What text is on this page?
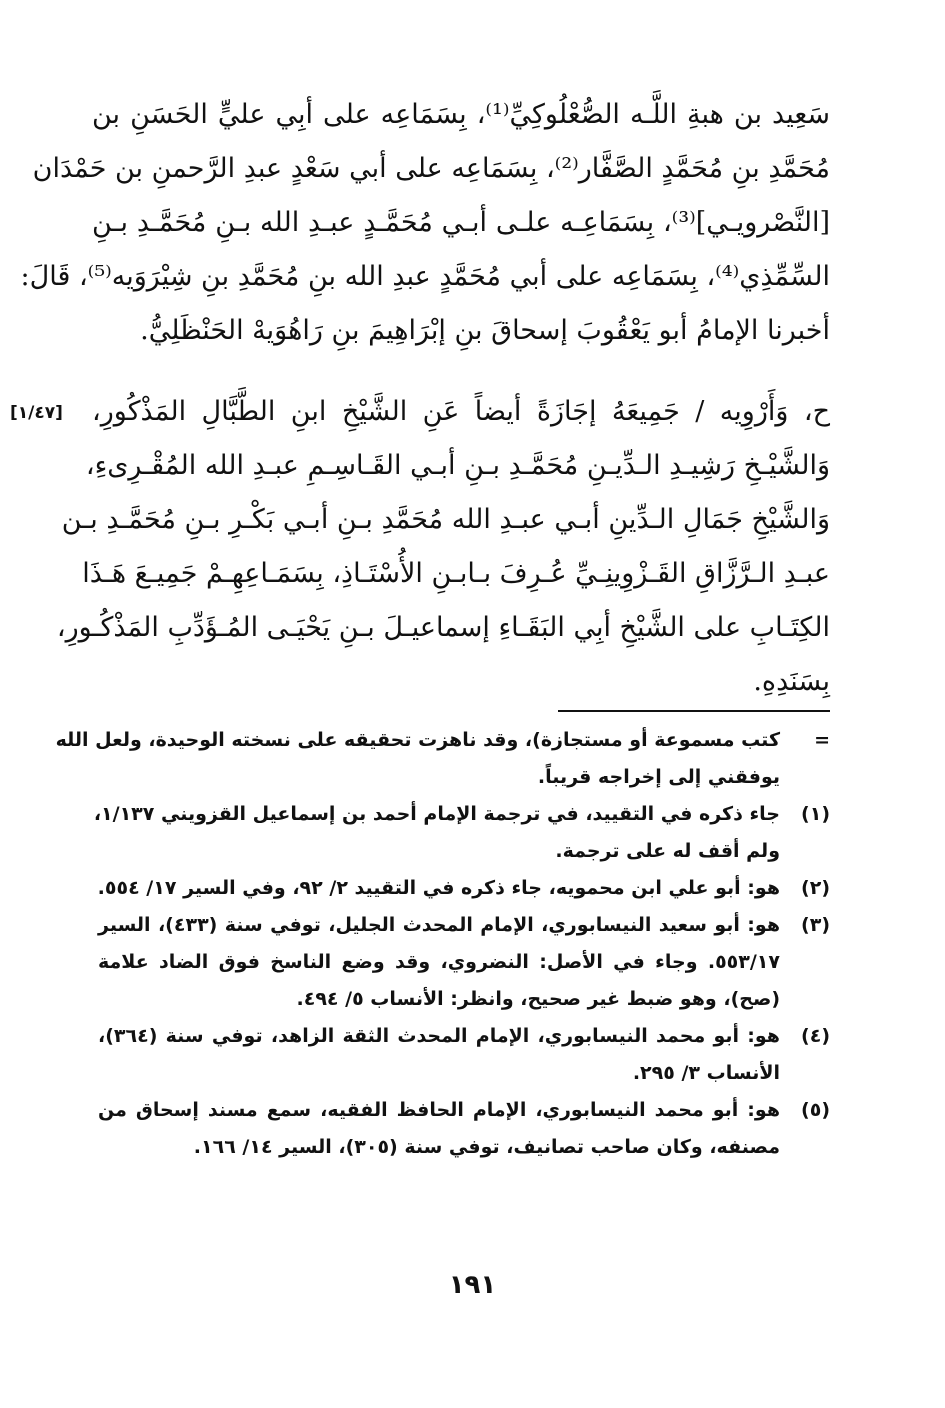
سَعِيد بن هبةِ اللَّـه الصُّعْلُوكِيِّ⁽¹⁾، بِسَمَاعِه على أبِي عليٍّ الحَسَنِ بن
مُحَمَّدِ بنِ مُحَمَّدٍ الصَّفَّار⁽²⁾، بِسَمَاعِه على أبي سَعْدٍ عبدِ الرَّحمنِ بن حَمْدَان
[النَّصْرويـي]⁽³⁾، بِسَمَاعِـه علـى أبـي مُحَمَّـدٍ عبـدِ الله بـنِ مُحَمَّـدِ بـنِ
السِّمِّذِي⁽⁴⁾، بِسَمَاعِه على أبي مُحَمَّدٍ عبدِ الله بنِ مُحَمَّدِ بنِ شِيْرَوَيه⁽⁵⁾، قَالَ:
أخبرنا الإمامُ أبو يَعْقُوبَ إسحاقَ بنِ إبْرَاهِيمَ بنِ رَاهُوَيهْ الحَنْظَلِيُّ.
[١/٤٧]	ح، وَأَرْوِيه / جَمِيعَهُ إجَازَةً أيضاً عَنِ الشَّيْخِ ابنِ الطَّبَّالِ المَذْكُورِ،
وَالشَّيْـخِ رَشِيـدِ الـدِّيـنِ مُحَمَّـدِ بـنِ أبـي القَـاسِـمِ عبـدِ الله المُقْـرِىءِ،
وَالشَّيْخِ جَمَالِ الـدِّينِ أبـي عبـدِ الله مُحَمَّدِ بـنِ أبـي بَكْـرِ بـنِ مُحَمَّـدِ بـن
عبـدِ الـرَّزَّاقِ القَـزْوِينِـيِّ عُـرِفَ بـابـنِ الأُسْتَـاذِ، بِسَمَـاعِهِـمْ جَمِيـعَ هَـذَا
الكِتَـابِ على الشَّيْخِ أبِي البَقَـاءِ إسماعيـلَ بـنِ يَحْيَـى المُـؤَدِّبِ المَذْكُـورِ،
بِسَنَدِهِ.
=
كتب مسموعة أو مستجازة)، وقد ناهزت تحقيقه على نسخته الوحيدة، ولعل الله
يوفقني إلى إخراجه قريباً.
(١)
جاء ذكره في التقييد، في ترجمة الإمام أحمد بن إسماعيل القزويني ١/١٣٧،
ولم أقف له على ترجمة.
(٢)
هو: أبو علي ابن محمويه، جاء ذكره في التقييد ٢/ ٩٢، وفي السير ١٧/ ٥٥٤.
(٣)
هو: أبو سعيد النيسابوري، الإمام المحدث الجليل، توفي سنة (٤٣٣)، السير
٥٥٣/١٧. وجاء في الأصل: النضروي، وقد وضع الناسخ فوق الضاد علامة
(صح)، وهو ضبط غير صحيح، وانظر: الأنساب ٥/ ٤٩٤.
(٤)
هو: أبو محمد النيسابوري، الإمام المحدث الثقة الزاهد، توفي سنة (٣٦٤)،
الأنساب ٣/ ٢٩٥.
(٥)
هو: أبو محمد النيسابوري، الإمام الحافظ الفقيه، سمع مسند إسحاق من
مصنفه، وكان صاحب تصانيف، توفي سنة (٣٠٥)، السير ١٤/ ١٦٦.
١٩١
